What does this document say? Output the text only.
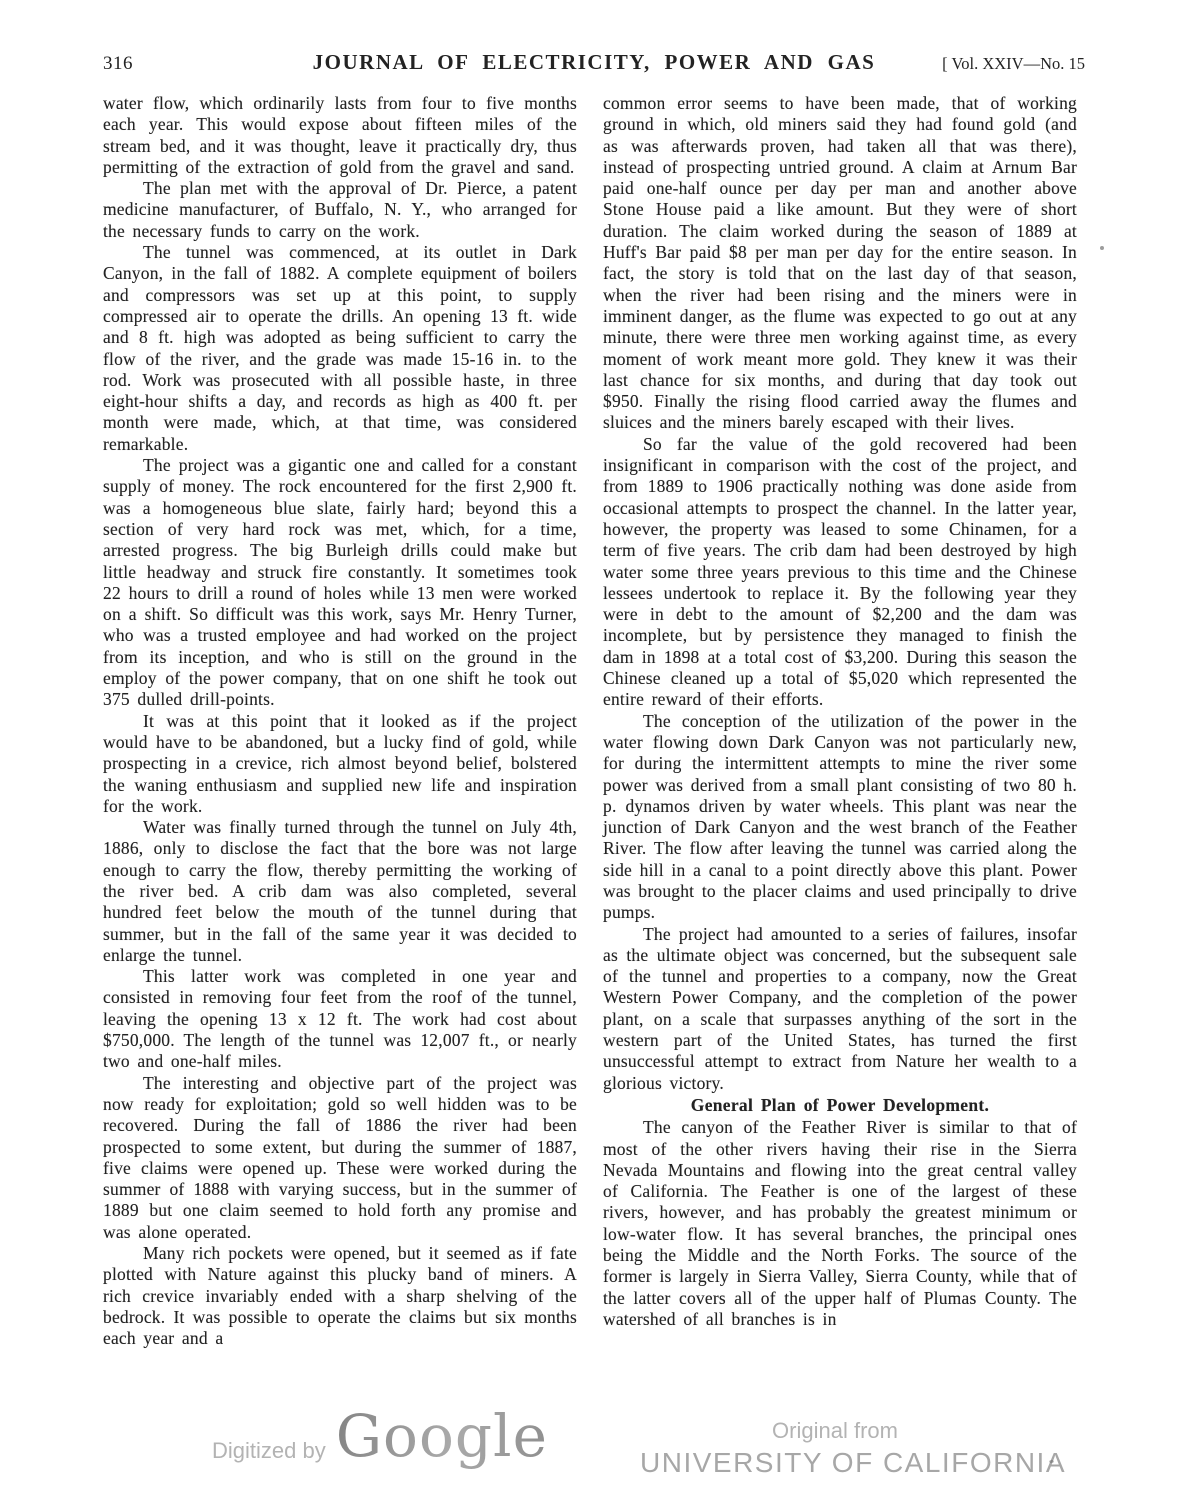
316	JOURNAL OF ELECTRICITY, POWER AND GAS	[ Vol. XXIV—No. 15

water flow, which ordinarily lasts from four to five months each year. This would expose about fifteen miles of the stream bed, and it was thought, leave it practically dry, thus permitting of the extraction of gold from the gravel and sand.

The plan met with the approval of Dr. Pierce, a patent medicine manufacturer, of Buffalo, N. Y., who arranged for the necessary funds to carry on the work.

The tunnel was commenced, at its outlet in Dark Canyon, in the fall of 1882. A complete equipment of boilers and compressors was set up at this point, to supply compressed air to operate the drills. An opening 13 ft. wide and 8 ft. high was adopted as being sufficient to carry the flow of the river, and the grade was made 15-16 in. to the rod. Work was prosecuted with all possible haste, in three eight-hour shifts a day, and records as high as 400 ft. per month were made, which, at that time, was considered remarkable.

The project was a gigantic one and called for a constant supply of money. The rock encountered for the first 2,900 ft. was a homogeneous blue slate, fairly hard; beyond this a section of very hard rock was met, which, for a time, arrested progress. The big Burleigh drills could make but little headway and struck fire constantly. It sometimes took 22 hours to drill a round of holes while 13 men were worked on a shift. So difficult was this work, says Mr. Henry Turner, who was a trusted employee and had worked on the project from its inception, and who is still on the ground in the employ of the power company, that on one shift he took out 375 dulled drill-points.

It was at this point that it looked as if the project would have to be abandoned, but a lucky find of gold, while prospecting in a crevice, rich almost beyond belief, bolstered the waning enthusiasm and supplied new life and inspiration for the work.

Water was finally turned through the tunnel on July 4th, 1886, only to disclose the fact that the bore was not large enough to carry the flow, thereby permitting the working of the river bed. A crib dam was also completed, several hundred feet below the mouth of the tunnel during that summer, but in the fall of the same year it was decided to enlarge the tunnel.

This latter work was completed in one year and consisted in removing four feet from the roof of the tunnel, leaving the opening 13 x 12 ft. The work had cost about $750,000. The length of the tunnel was 12,007 ft., or nearly two and one-half miles.

The interesting and objective part of the project was now ready for exploitation; gold so well hidden was to be recovered. During the fall of 1886 the river had been prospected to some extent, but during the summer of 1887, five claims were opened up. These were worked during the summer of 1888 with varying success, but in the summer of 1889 but one claim seemed to hold forth any promise and was alone operated.

Many rich pockets were opened, but it seemed as if fate plotted with Nature against this plucky band of miners. A rich crevice invariably ended with a sharp shelving of the bedrock. It was possible to operate the claims but six months each year and a

common error seems to have been made, that of working ground in which, old miners said they had found gold (and as was afterwards proven, had taken all that was there), instead of prospecting untried ground. A claim at Arnum Bar paid one-half ounce per day per man and another above Stone House paid a like amount. But they were of short duration. The claim worked during the season of 1889 at Huff's Bar paid $8 per man per day for the entire season. In fact, the story is told that on the last day of that season, when the river had been rising and the miners were in imminent danger, as the flume was expected to go out at any minute, there were three men working against time, as every moment of work meant more gold. They knew it was their last chance for six months, and during that day took out $950. Finally the rising flood carried away the flumes and sluices and the miners barely escaped with their lives.

So far the value of the gold recovered had been insignificant in comparison with the cost of the project, and from 1889 to 1906 practically nothing was done aside from occasional attempts to prospect the channel. In the latter year, however, the property was leased to some Chinamen, for a term of five years. The crib dam had been destroyed by high water some three years previous to this time and the Chinese lessees undertook to replace it. By the following year they were in debt to the amount of $2,200 and the dam was incomplete, but by persistence they managed to finish the dam in 1898 at a total cost of $3,200. During this season the Chinese cleaned up a total of $5,020 which represented the entire reward of their efforts.

The conception of the utilization of the power in the water flowing down Dark Canyon was not particularly new, for during the intermittent attempts to mine the river some power was derived from a small plant consisting of two 80 h. p. dynamos driven by water wheels. This plant was near the junction of Dark Canyon and the west branch of the Feather River. The flow after leaving the tunnel was carried along the side hill in a canal to a point directly above this plant. Power was brought to the placer claims and used principally to drive pumps.

The project had amounted to a series of failures, insofar as the ultimate object was concerned, but the subsequent sale of the tunnel and properties to a company, now the Great Western Power Company, and the completion of the power plant, on a scale that surpasses anything of the sort in the western part of the United States, has turned the first unsuccessful attempt to extract from Nature her wealth to a glorious victory.

General Plan of Power Development.

The canyon of the Feather River is similar to that of most of the other rivers having their rise in the Sierra Nevada Mountains and flowing into the great central valley of California. The Feather is one of the largest of these rivers, however, and has probably the greatest minimum or low-water flow. It has several branches, the principal ones being the Middle and the North Forks. The source of the former is largely in Sierra Valley, Sierra County, while that of the latter covers all of the upper half of Plumas County. The watershed of all branches is in

Digitized by Google	Original from
UNIVERSITY OF CALIFORNIA
